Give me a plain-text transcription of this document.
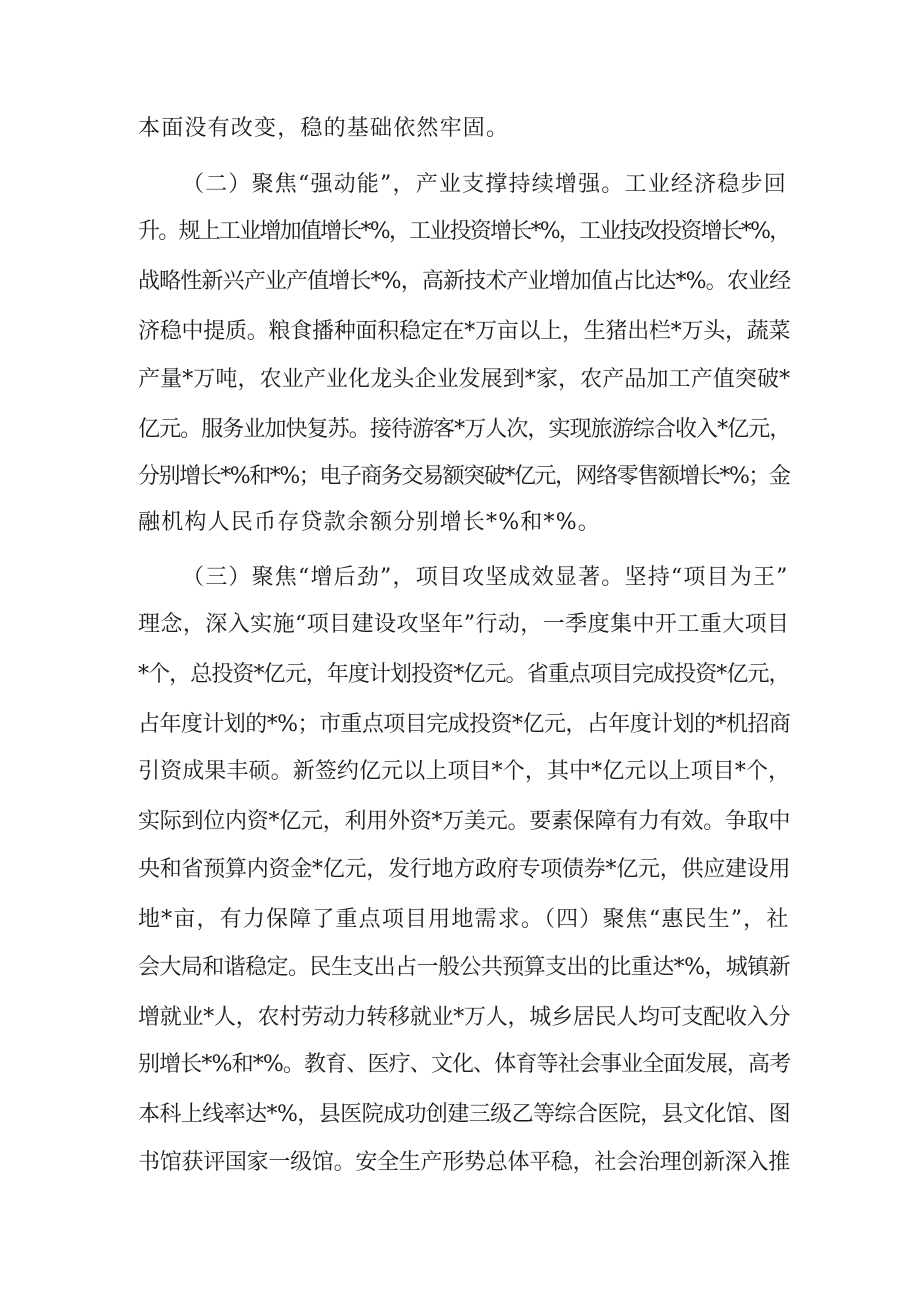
本面没有改变，稳的基础依然牢固。
（二）聚焦“强动能”，产业支撑持续增强。工业经济稳步回
升。规上工业增加值增长*%，工业投资增长*%，工业技改投资增长*%，
战略性新兴产业产值增长*%，高新技术产业增加值占比达*%。农业经
济稳中提质。粮食播种面积稳定在*万亩以上，生猪出栏*万头，蔬菜
产量*万吨，农业产业化龙头企业发展到*家，农产品加工产值突破*
亿元。服务业加快复苏。接待游客*万人次，实现旅游综合收入*亿元，
分别增长*%和*%；电子商务交易额突破*亿元，网络零售额增长*%；金
融机构人民币存贷款余额分别增长*%和*%。
（三）聚焦“增后劲”，项目攻坚成效显著。坚持“项目为王”
理念，深入实施“项目建设攻坚年”行动，一季度集中开工重大项目
*个，总投资*亿元，年度计划投资*亿元。省重点项目完成投资*亿元，
占年度计划的*%；市重点项目完成投资*亿元，占年度计划的*机招商
引资成果丰硕。新签约亿元以上项目*个，其中*亿元以上项目*个，
实际到位内资*亿元，利用外资*万美元。要素保障有力有效。争取中
央和省预算内资金*亿元，发行地方政府专项债券*亿元，供应建设用
地*亩，有力保障了重点项目用地需求。（四）聚焦“惠民生”，社
会大局和谐稳定。民生支出占一般公共预算支出的比重达*%，城镇新
增就业*人，农村劳动力转移就业*万人，城乡居民人均可支配收入分
别增长*%和*%。教育、医疗、文化、体育等社会事业全面发展，高考
本科上线率达*%，县医院成功创建三级乙等综合医院，县文化馆、图
书馆获评国家一级馆。安全生产形势总体平稳，社会治理创新深入推
